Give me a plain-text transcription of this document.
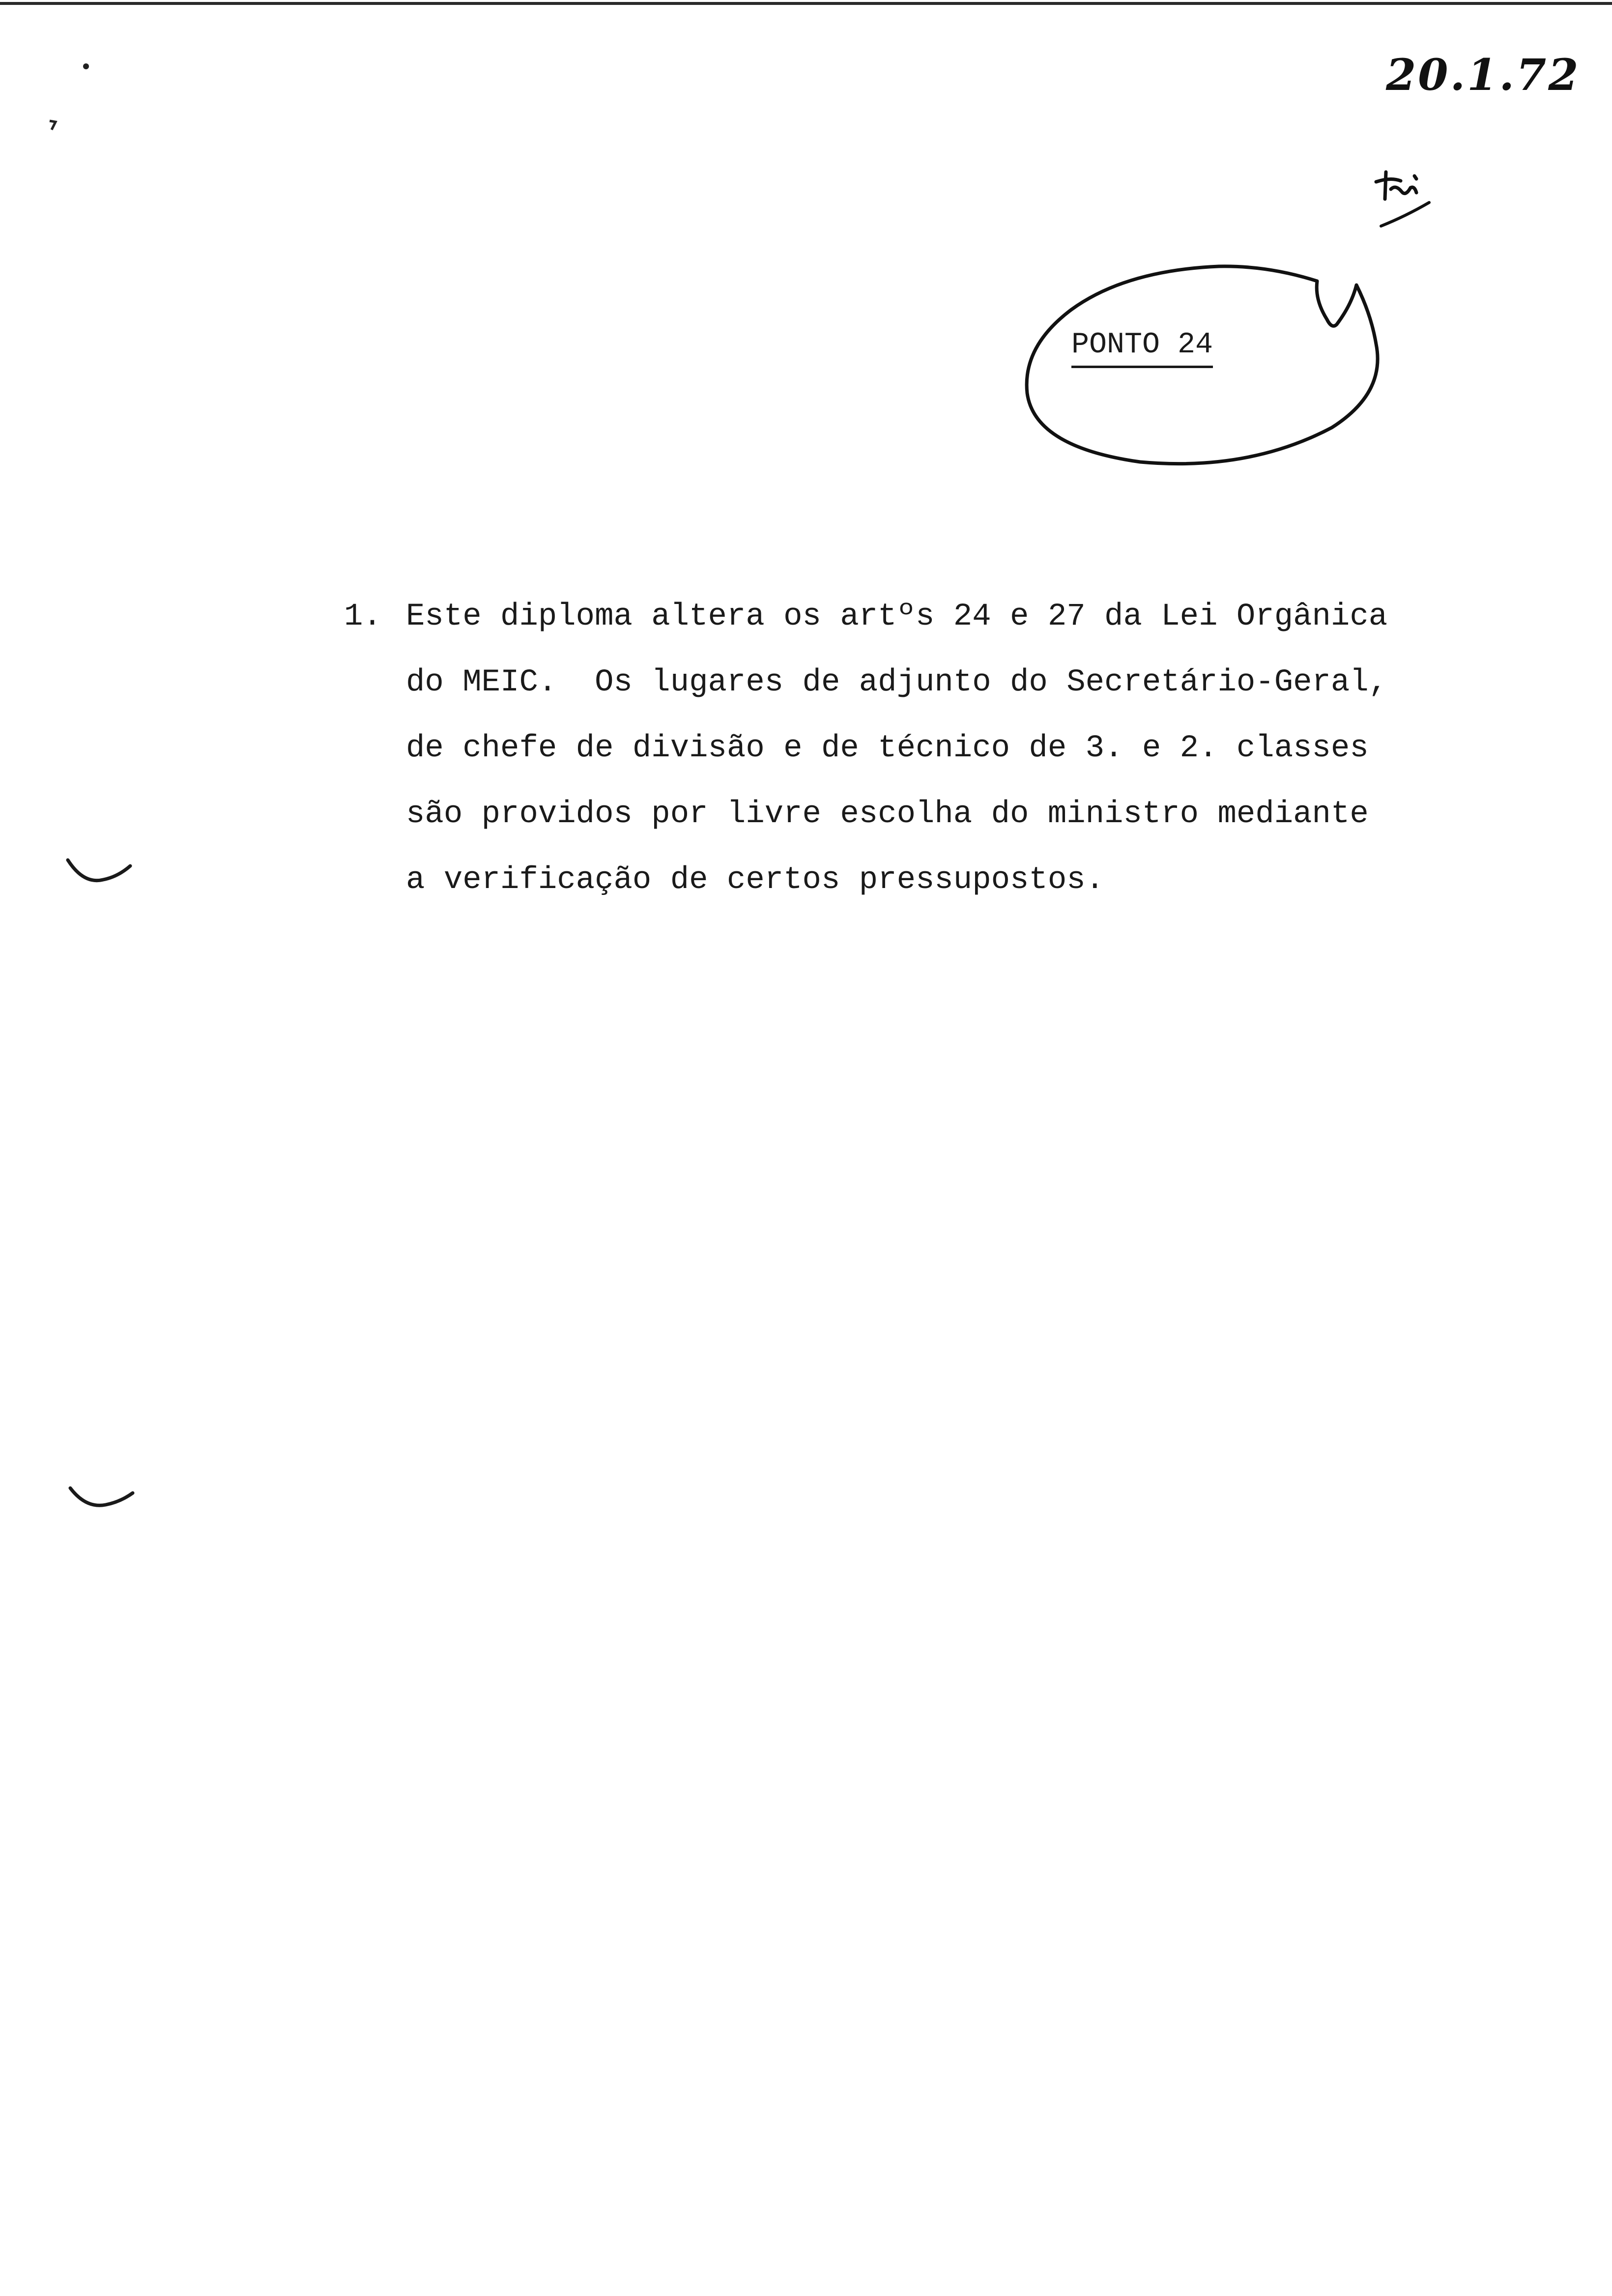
20.1.72
PONTO 24
1. Este diploma altera os artºs 24 e 27 da Lei Orgânica
do MEIC.  Os lugares de adjunto do Secretário-Geral,
de chefe de divisão e de técnico de 3. e 2. classes
são providos por livre escolha do ministro mediante
a verificação de certos pressupostos.
